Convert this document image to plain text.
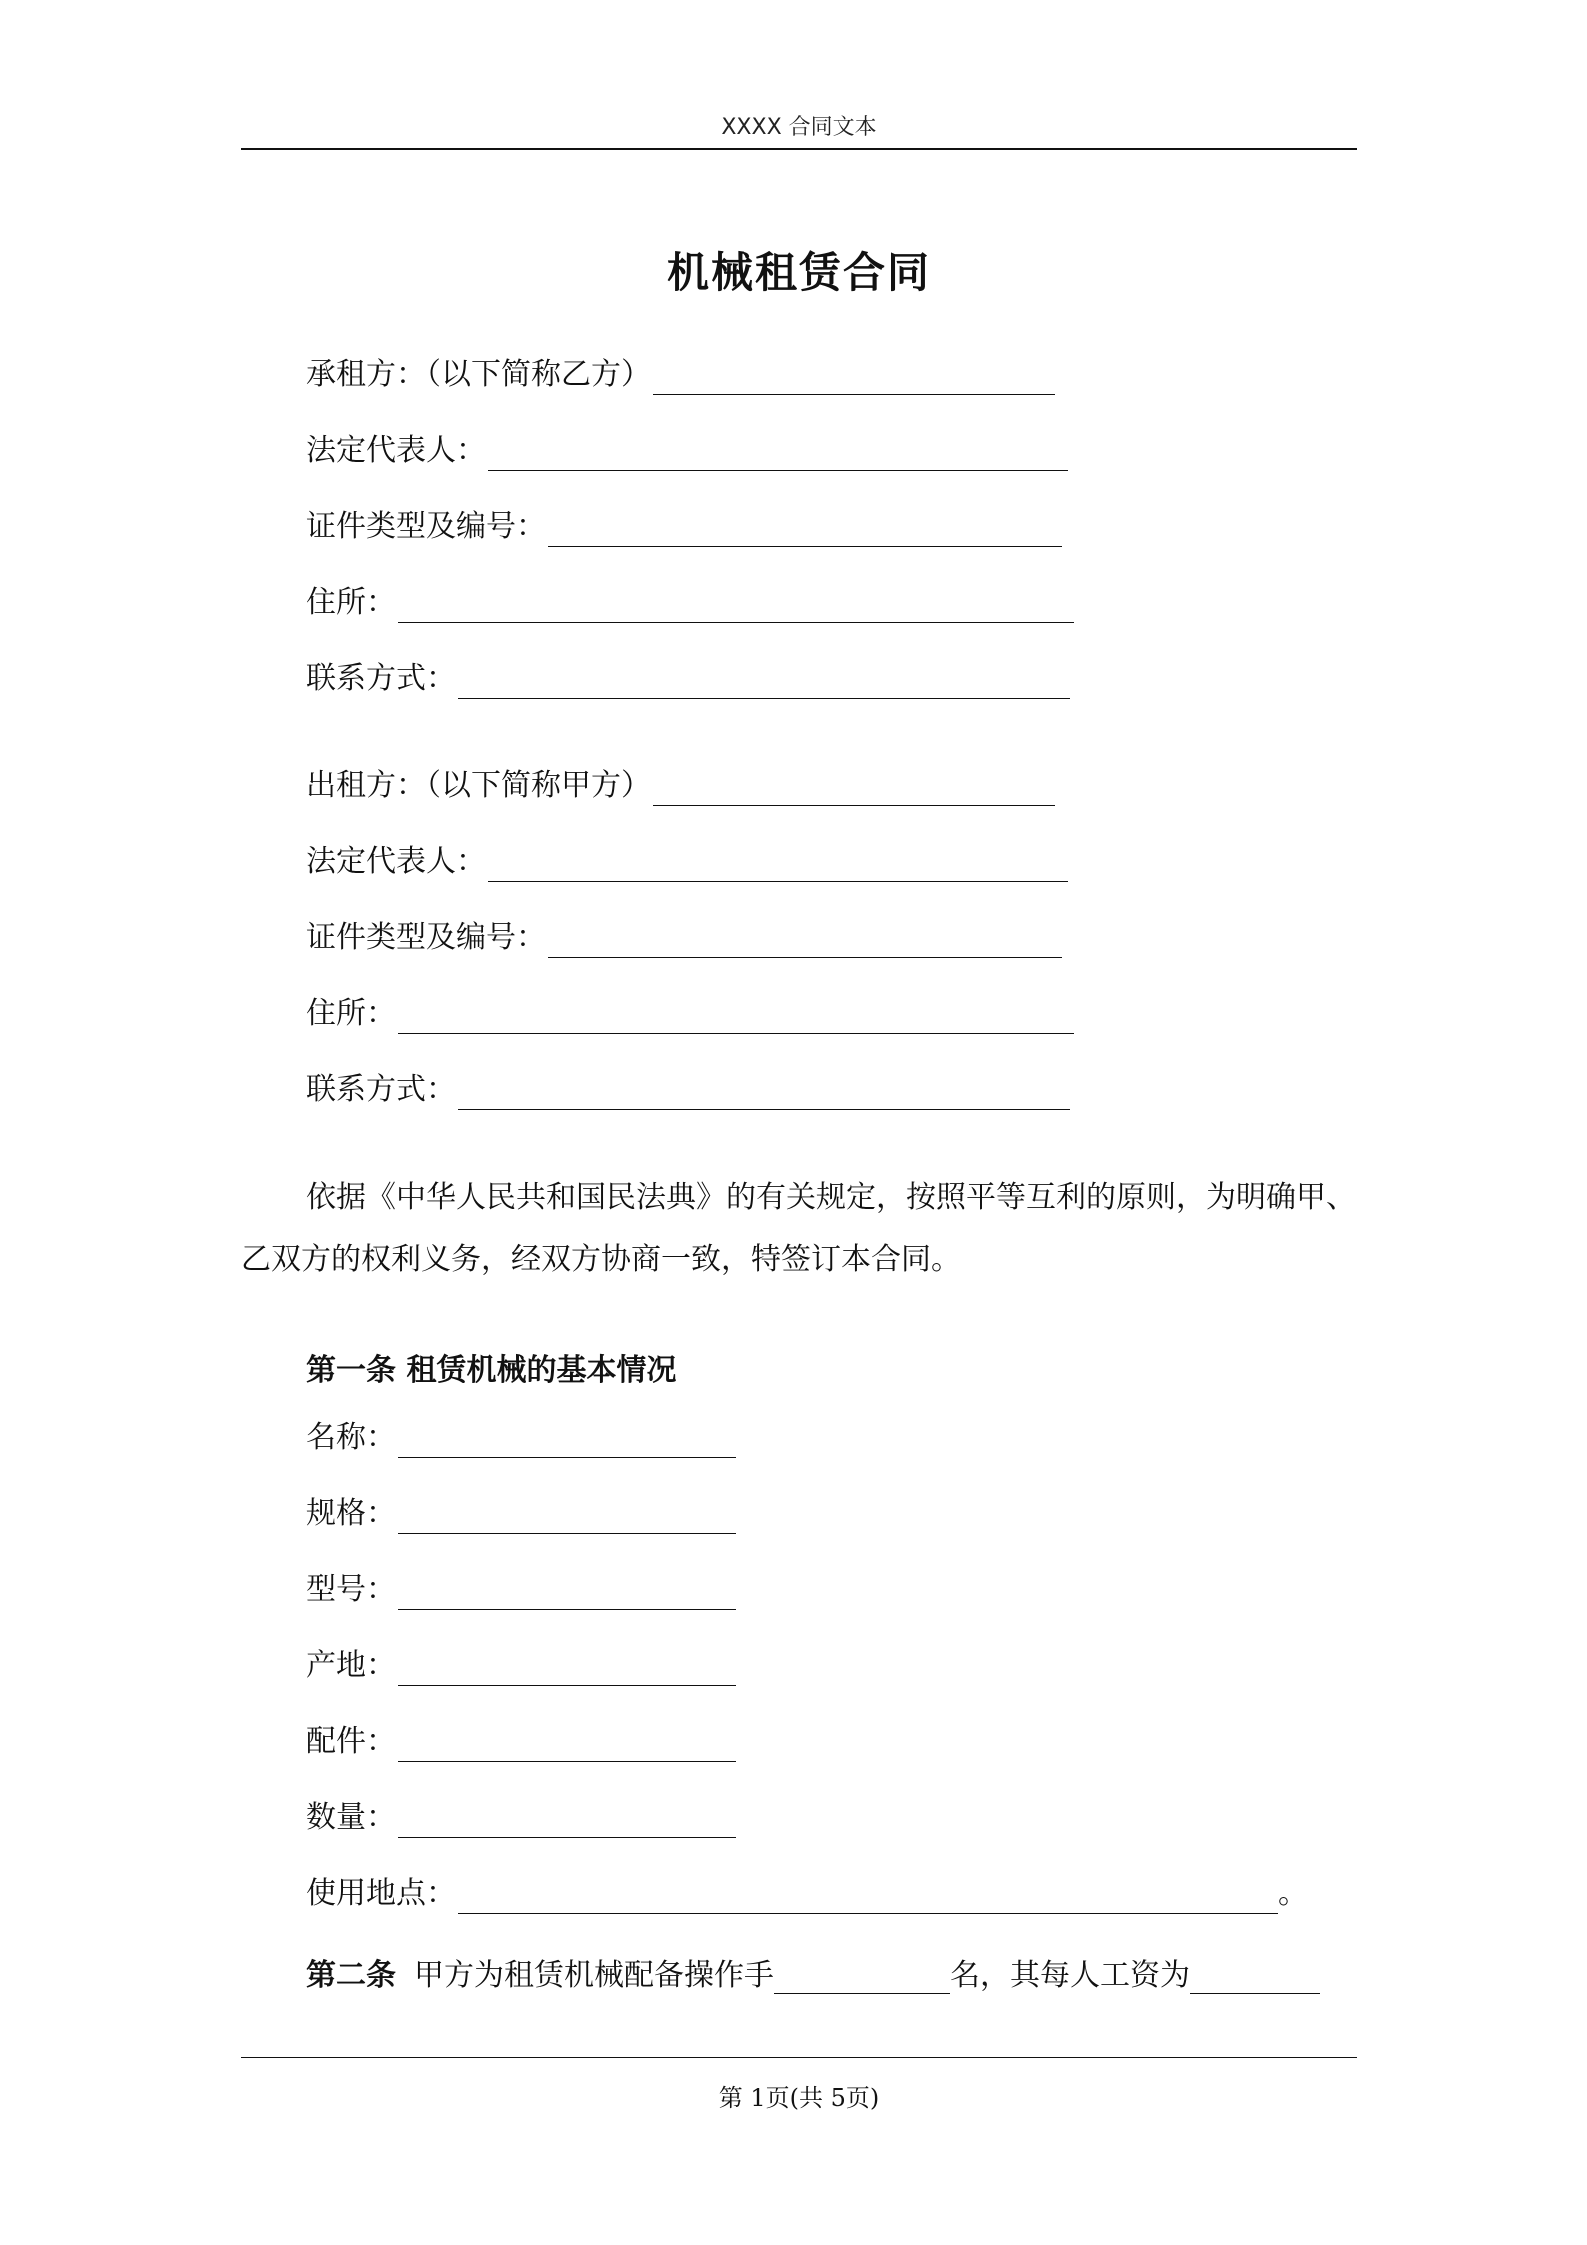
XXXX 合同文本
机械租赁合同
承租方：（以下简称乙方）
法定代表人：
证件类型及编号：
住所：
联系方式：
出租方：（以下简称甲方）
法定代表人：
证件类型及编号：
住所：
联系方式：
依据《中华人民共和国民法典》的有关规定，按照平等互利的原则，为明确甲、乙双方的权利义务，经双方协商一致，特签订本合同。
第一条 租赁机械的基本情况
名称：
规格：
型号：
产地：
配件：
数量：
使用地点：	。
第二条 甲方为租赁机械配备操作手	名，其每人工资为
第 1页(共 5页)
